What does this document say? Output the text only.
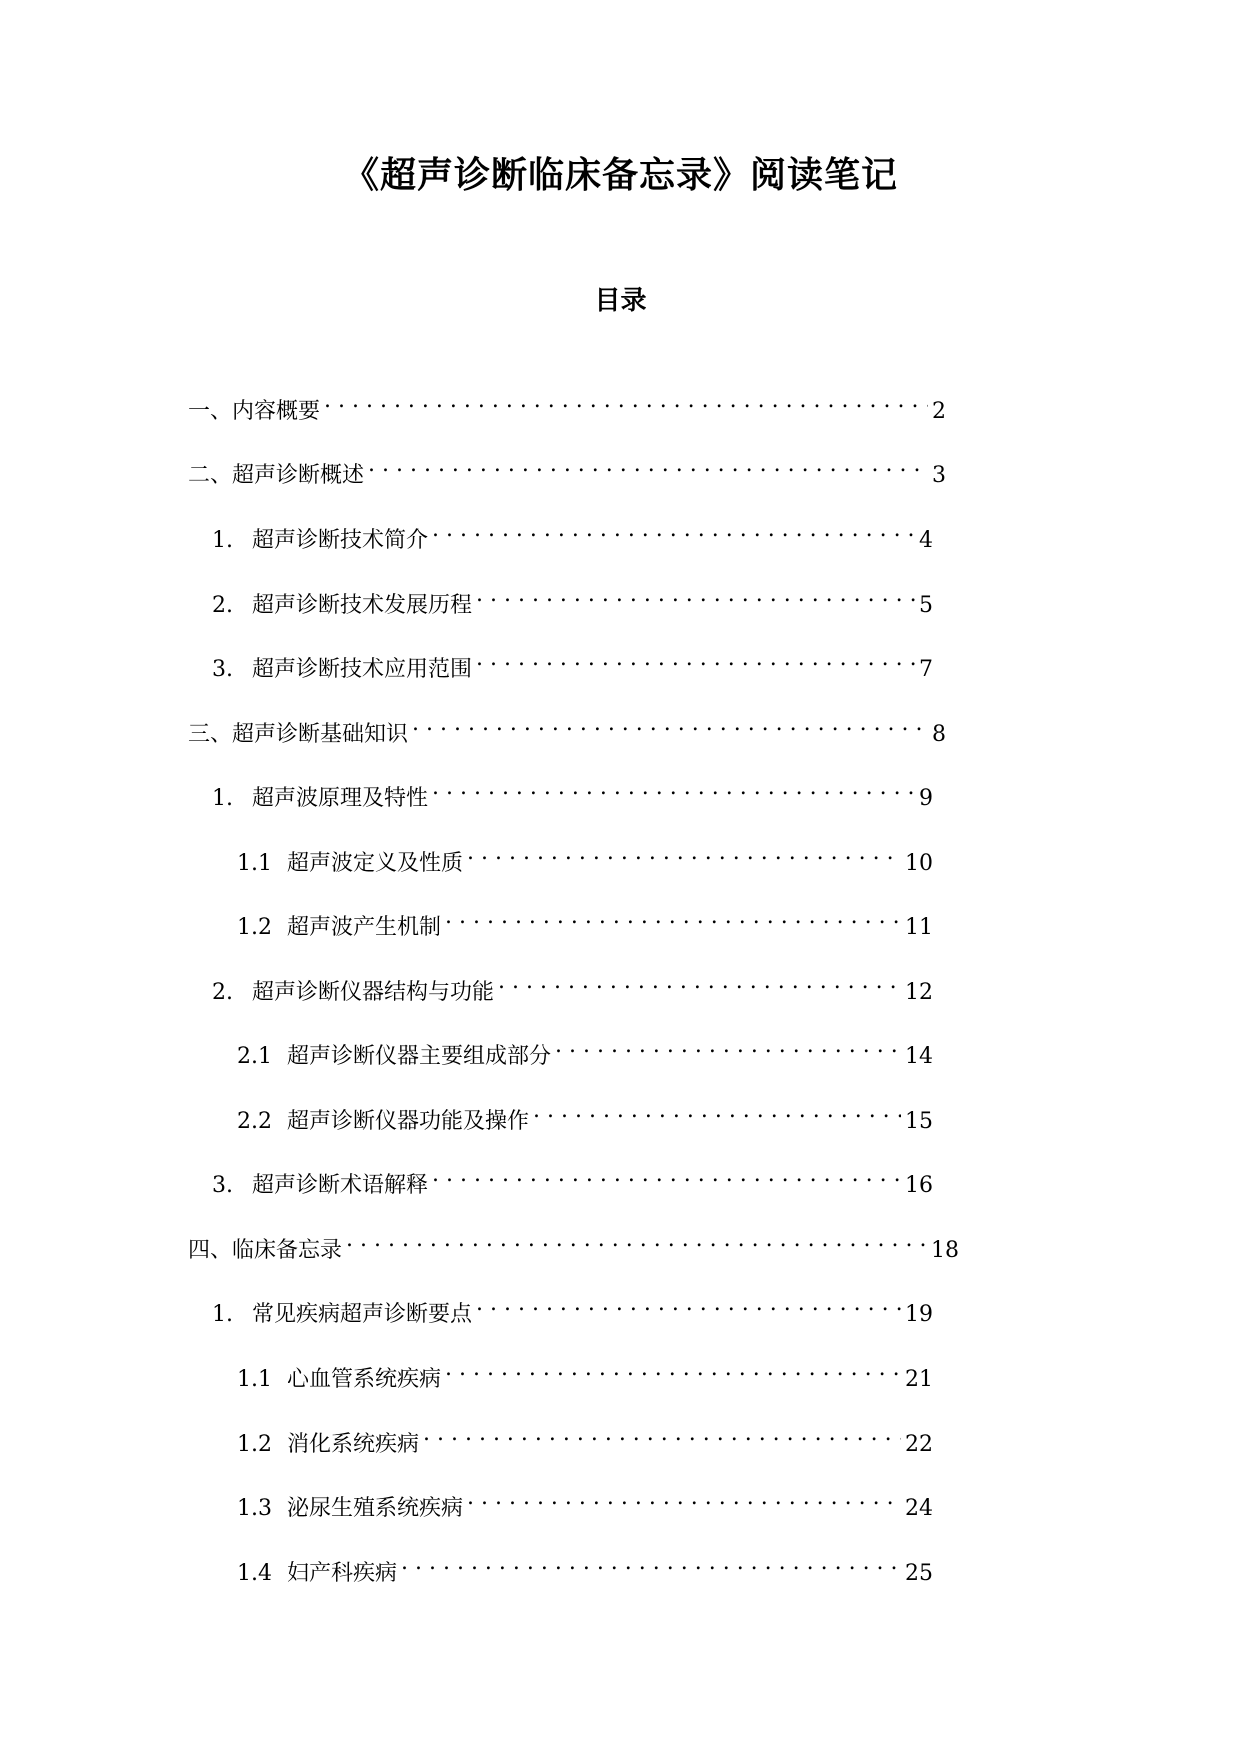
《超声诊断临床备忘录》阅读笔记
目录
一、内容概要 . . .	2
二、超声诊断概述 . . .	3
1. 超声诊断技术简介 . . .	4
2. 超声诊断技术发展历程 . . .	5
3. 超声诊断技术应用范围 . . .	7
三、超声诊断基础知识 . . .	8
1. 超声波原理及特性 . . .	9
1.1 超声波定义及性质 . . .	10
1.2 超声波产生机制 . . .	11
2. 超声诊断仪器结构与功能 . . .	12
2.1 超声诊断仪器主要组成部分 . . .	14
2.2 超声诊断仪器功能及操作 . . .	15
3. 超声诊断术语解释 . . .	16
四、临床备忘录 . . .	18
1. 常见疾病超声诊断要点 . . .	19
1.1 心血管系统疾病 . . .	21
1.2 消化系统疾病 . . .	22
1.3 泌尿生殖系统疾病 . . .	24
1.4 妇产科疾病 . . .	25
